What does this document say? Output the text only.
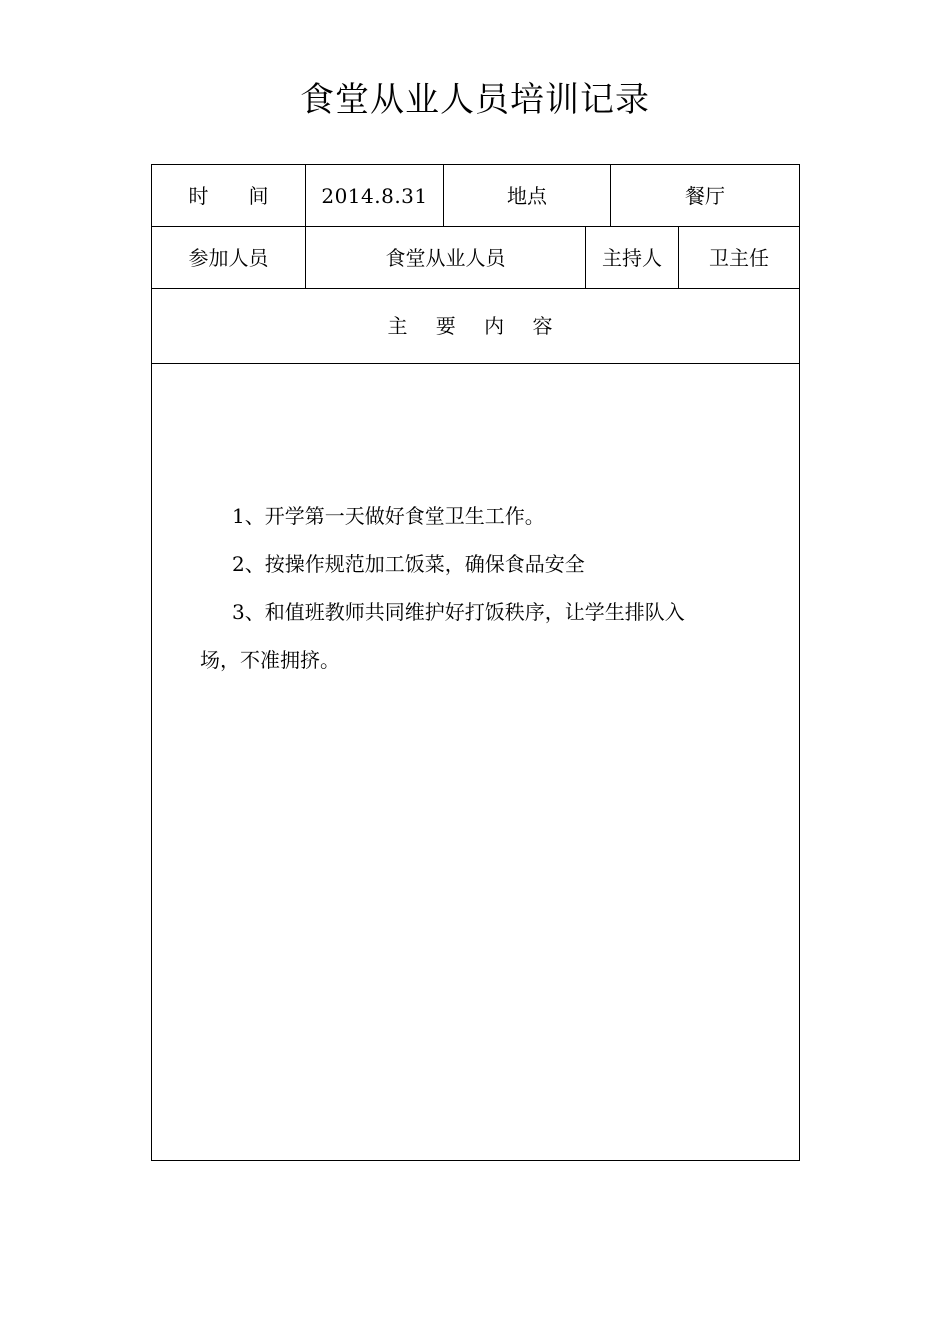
食堂从业人员培训记录
时　　间	2014.8.31	地点	餐厅
参加人员	食堂从业人员	主持人	卫主任
主 要 内 容

1、开学第一天做好食堂卫生工作。

2、按操作规范加工饭菜，确保食品安全

3、和值班教师共同维护好打饭秩序，让学生排队入

场，不准拥挤。
